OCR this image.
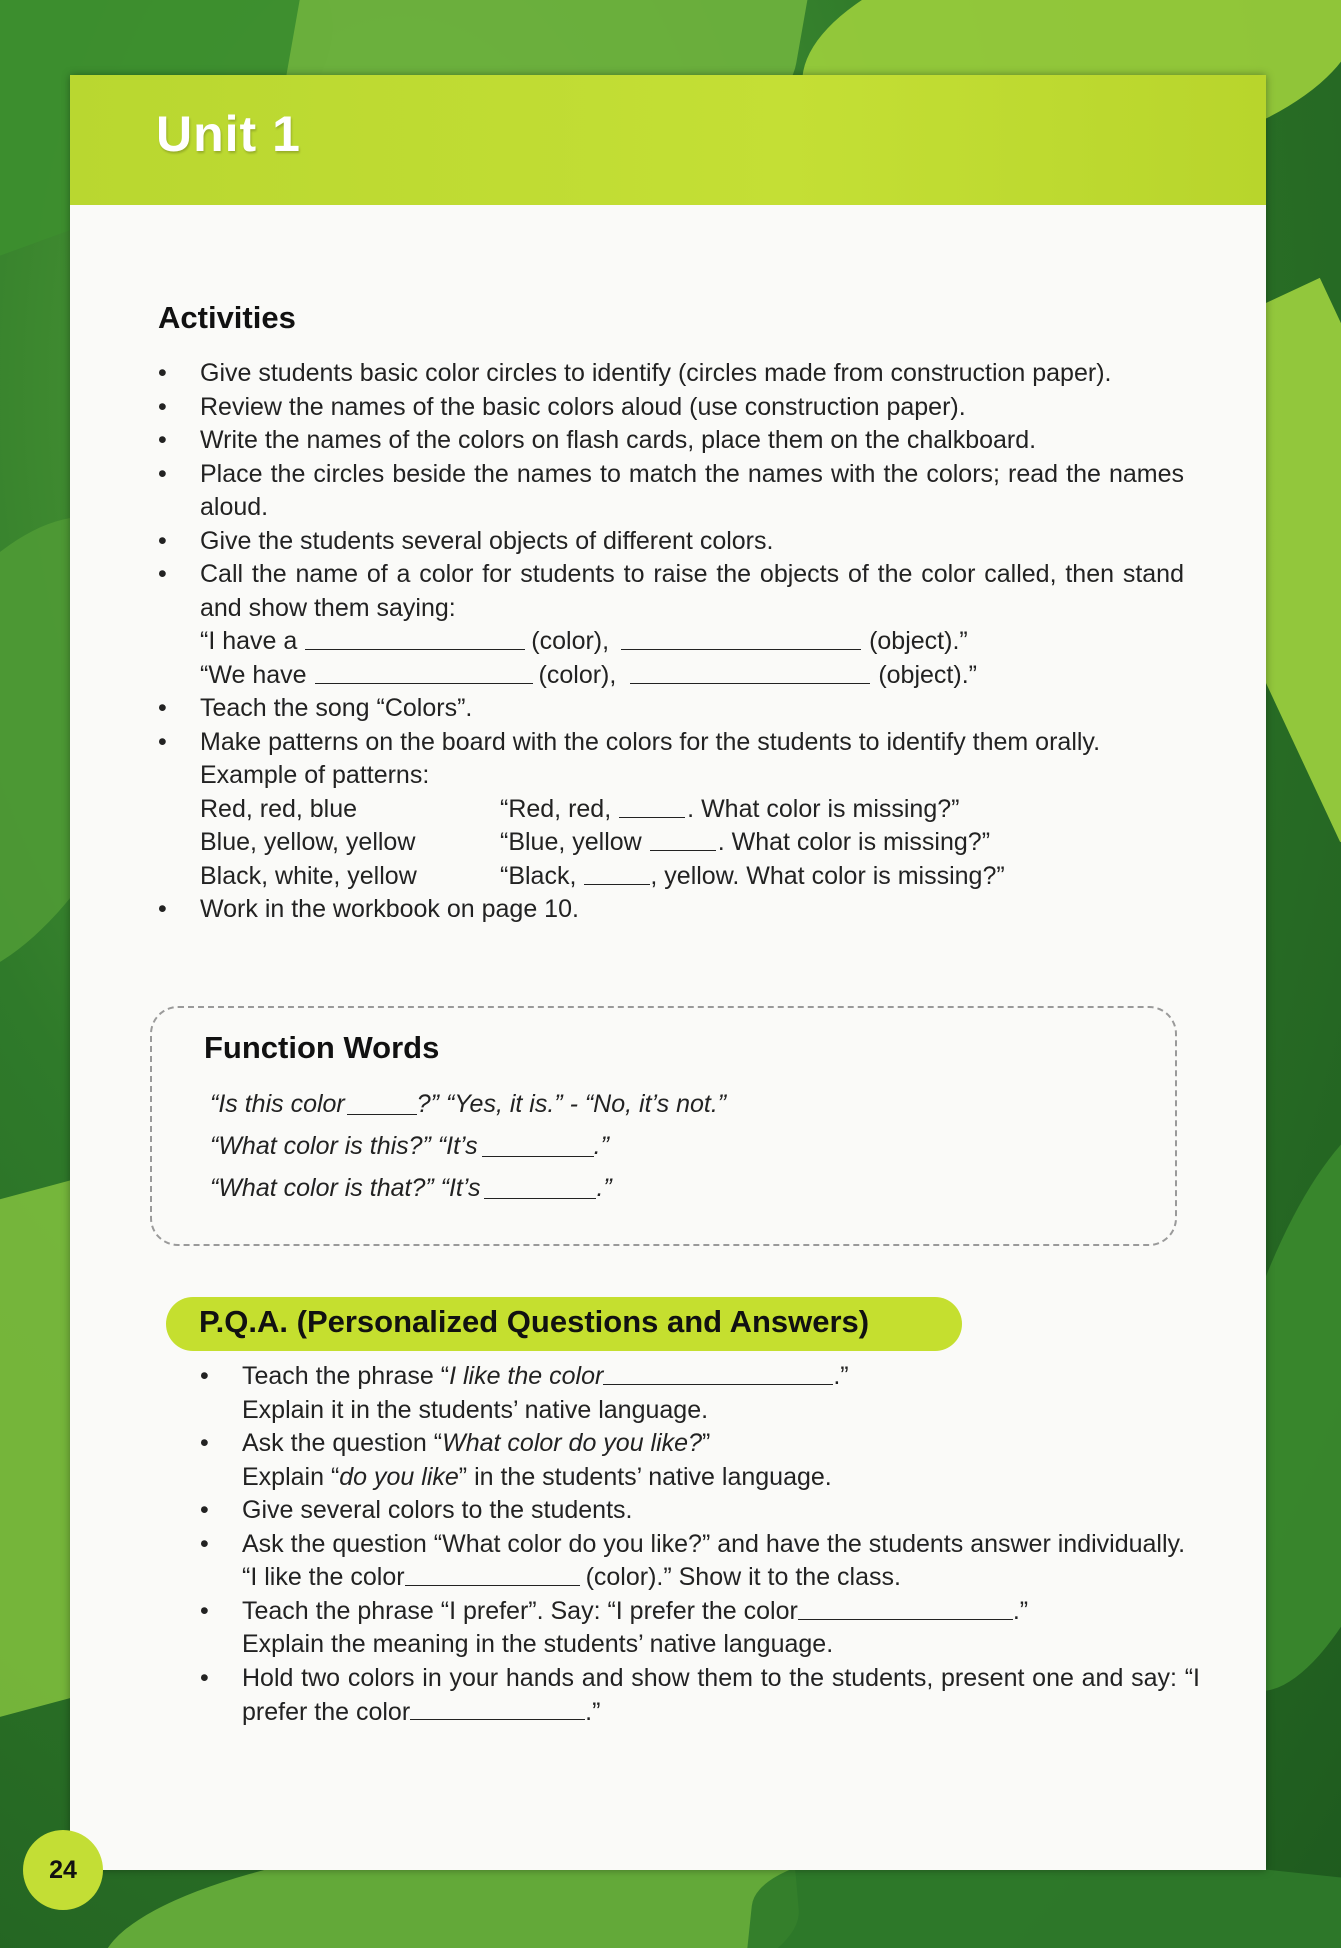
Unit 1
Activities
• Give students basic color circles to identify (circles made from construction paper).
• Review the names of the basic colors aloud (use construction paper).
• Write the names of the colors on flash cards, place them on the chalkboard.
• Place the circles beside the names to match the names with the colors; read the names aloud.
• Give the students several objects of different colors.
• Call the name of a color for students to raise the objects of the color called, then stand and show them saying:
“I have a	(color),	(object).”
“We have	(color),	(object).”
• Teach the song “Colors”.
• Make patterns on the board with the colors for the students to identify them orally.
Example of patterns:
Red, red, blue	“Red, red,	. What color is missing?”
Blue, yellow, yellow	“Blue, yellow	. What color is missing?”
Black, white, yellow	“Black,	, yellow. What color is missing?”
• Work in the workbook on page 10.
• Teach the phrase “ I like the color	.”
Explain it in the students’ native language.
• Ask the question “What color do you like?”
Explain “do you like” in the students’ native language.
• Give several colors to the students.
• Ask the question “What color do you like?” and have the students answer individually.
“I like the color	(color).” Show it to the class.
• Teach the phrase “I prefer”. Say: “I prefer the color	.”
Explain the meaning in the students’ native language.
• Hold two colors in your hands and show them to the students, present one and say: “I prefer the color	.”
Function Words
“Is this color	?” “Yes, it is.” - “No, it’s not.”
“What color is this?” “It’s	.”
“What color is that?” “It’s	.”
P.Q.A. (Personalized Questions and Answers)
24
